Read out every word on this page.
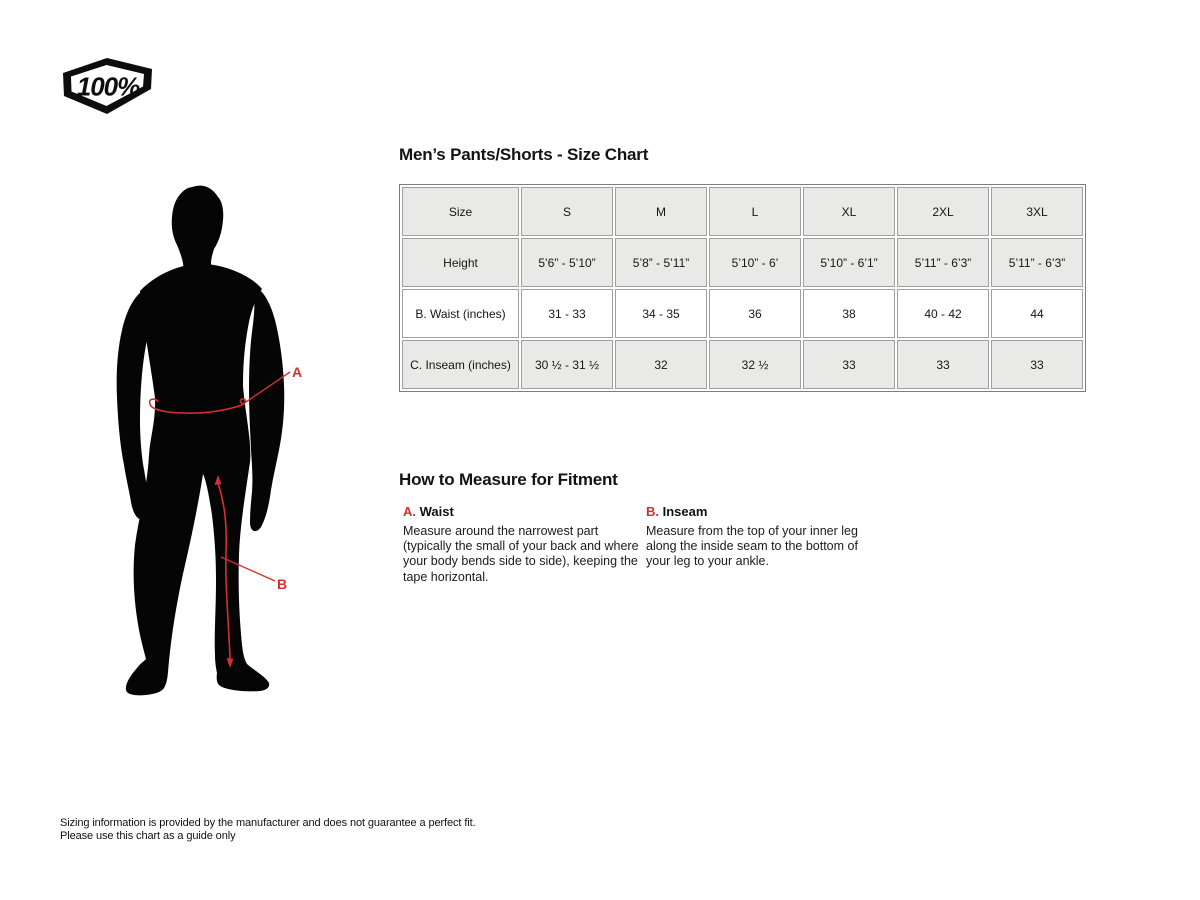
100%
Men’s Pants/Shorts - Size Chart
Size	S	M	L	XL	2XL	3XL
Height	5’6” - 5’10”	5’8” - 5’11”	5’10” - 6’	5’10” - 6’1”	5’11” - 6’3”	5’11” - 6’3”
B. Waist (inches)	31 - 33	34 - 35	36	38	40 - 42	44
C. Inseam (inches)	30 ½ - 31 ½	32	32 ½	33	33	33
A
B
How to Measure for Fitment
A. Waist
Measure around the narrowest part (typically the small of your back and where your body bends side to side), keeping the tape horizontal.
B. Inseam
Measure from the top of your inner leg along the inside seam to the bottom of your leg to your ankle.
Sizing information is provided by the manufacturer and does not guarantee a perfect fit.
Please use this chart as a guide only
